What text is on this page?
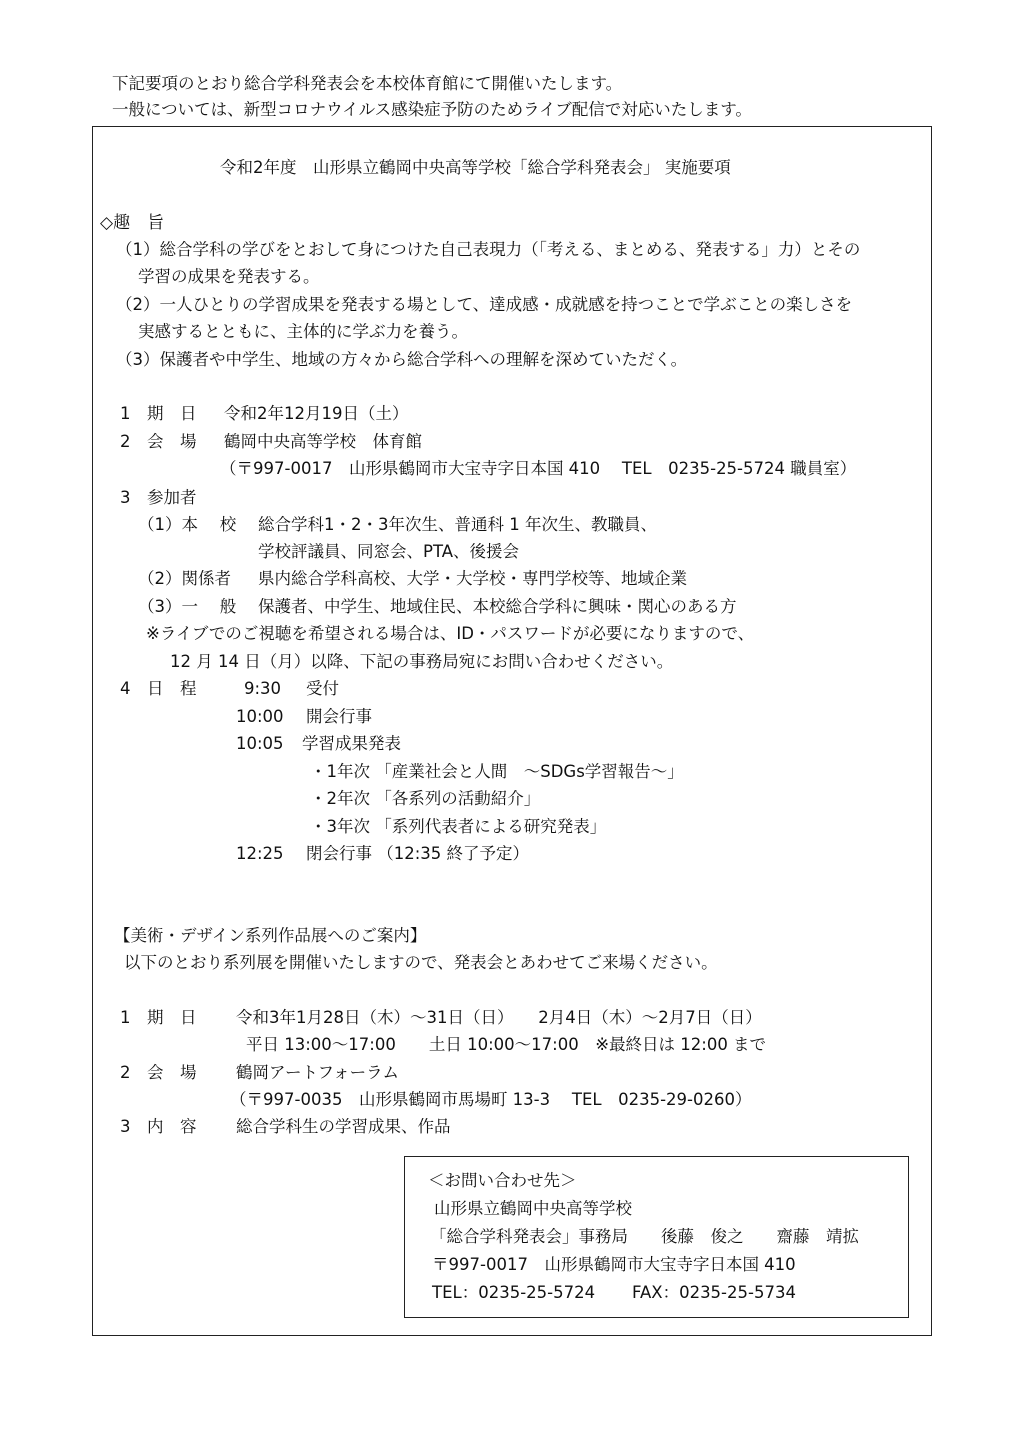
下記要項のとおり総合学科発表会を本校体育館にて開催いたします。
一般については、新型コロナウイルス感染症予防のためライブ配信で対応いたします。
令和2年度　山形県立鶴岡中央高等学校「総合学科発表会」 実施要項
◇趣　旨
（1）総合学科の学びをとおして身につけた自己表現力（「考える、まとめる、発表する」力）とその
学習の成果を発表する。
（2）一人ひとりの学習成果を発表する場として、達成感・成就感を持つことで学ぶことの楽しさを
実感するとともに、主体的に学ぶ力を養う。
（3）保護者や中学生、地域の方々から総合学科への理解を深めていただく。
1　期　日 令和2年12月19日（土）
2　会　場 鶴岡中央高等学校　体育館
（〒997-0017　山形県鶴岡市大宝寺字日本国 410　 TEL　0235-25-5724 職員室）
3　参加者
（1）本　 校 総合学科1・2・3年次生、普通科 1 年次生、教職員、
学校評議員、同窓会、PTA、後援会
（2）関係者 県内総合学科高校、大学・大学校・専門学校等、地域企業
（3）一　 般 保護者、中学生、地域住民、本校総合学科に興味・関心のある方
※ライブでのご視聴を希望される場合は、ID・パスワードが必要になりますので、
12 月 14 日（月）以降、下記の事務局宛にお問い合わせください。
4　日　程	9:30 受付
10:00 開会行事
10:05 学習成果発表
・1年次 「産業社会と人間　～SDGs学習報告～」
・2年次 「各系列の活動紹介」
・3年次 「系列代表者による研究発表」
12:25 閉会行事 （12:35 終了予定）
【美術・デザイン系列作品展へのご案内】
以下のとおり系列展を開催いたしますので、発表会とあわせてご来場ください。
1　期　日 令和3年1月28日（木）～31日（日）　　2月4日（木）～2月7日（日）
平日 13:00～17:00　　土日 10:00～17:00　※最終日は 12:00 まで
2　会　場 鶴岡アートフォーラム
（〒997-0035　山形県鶴岡市馬場町 13-3　 TEL　0235-29-0260）
3　内　容 総合学科生の学習成果、作品
＜お問い合わせ先＞
山形県立鶴岡中央高等学校
「総合学科発表会」事務局　　後藤　俊之　　齋藤　靖拡
〒997-0017　山形県鶴岡市大宝寺字日本国 410
TEL：0235-25-5724 FAX：0235-25-5734
